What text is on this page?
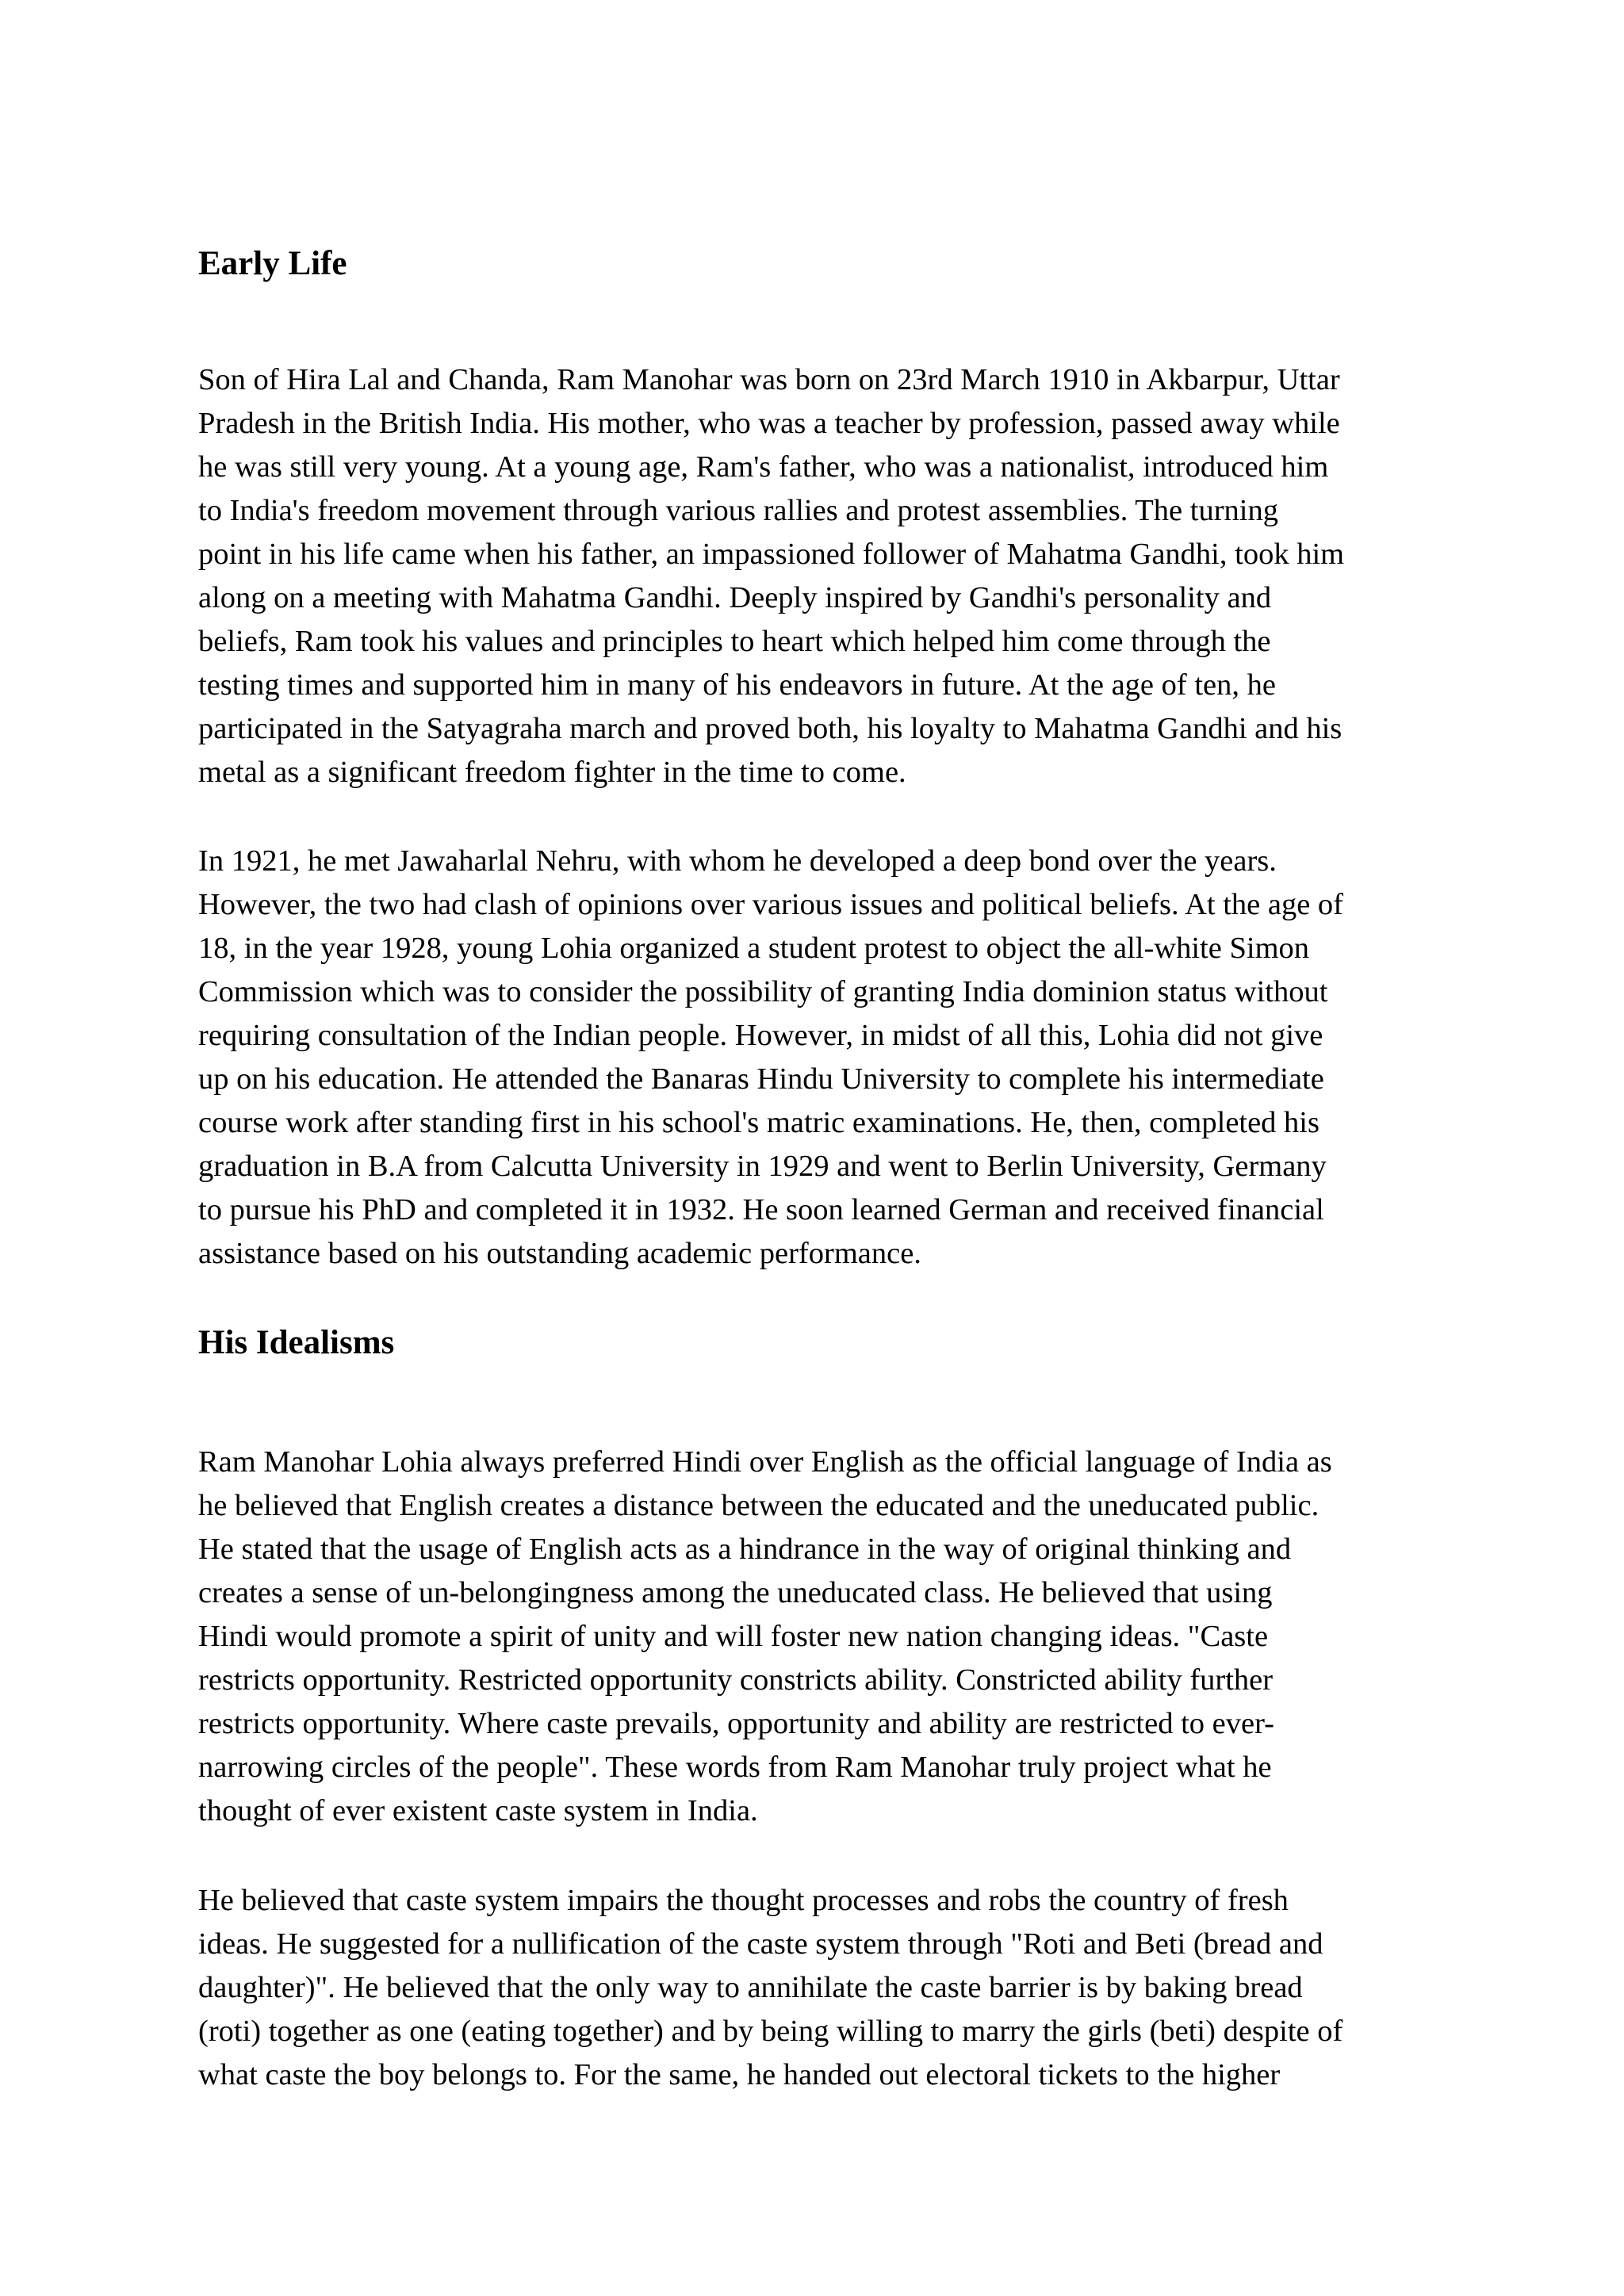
Early Life

Son of Hira Lal and Chanda, Ram Manohar was born on 23rd March 1910 in Akbarpur, Uttar
Pradesh in the British India. His mother, who was a teacher by profession, passed away while
he was still very young. At a young age, Ram's father, who was a nationalist, introduced him
to India's freedom movement through various rallies and protest assemblies. The turning
point in his life came when his father, an impassioned follower of Mahatma Gandhi, took him
along on a meeting with Mahatma Gandhi. Deeply inspired by Gandhi's personality and
beliefs, Ram took his values and principles to heart which helped him come through the
testing times and supported him in many of his endeavors in future. At the age of ten, he
participated in the Satyagraha march and proved both, his loyalty to Mahatma Gandhi and his
metal as a significant freedom fighter in the time to come.

In 1921, he met Jawaharlal Nehru, with whom he developed a deep bond over the years.
However, the two had clash of opinions over various issues and political beliefs. At the age of
18, in the year 1928, young Lohia organized a student protest to object the all-white Simon
Commission which was to consider the possibility of granting India dominion status without
requiring consultation of the Indian people. However, in midst of all this, Lohia did not give
up on his education. He attended the Banaras Hindu University to complete his intermediate
course work after standing first in his school's matric examinations. He, then, completed his
graduation in B.A from Calcutta University in 1929 and went to Berlin University, Germany
to pursue his PhD and completed it in 1932. He soon learned German and received financial
assistance based on his outstanding academic performance.

His Idealisms

Ram Manohar Lohia always preferred Hindi over English as the official language of India as
he believed that English creates a distance between the educated and the uneducated public.
He stated that the usage of English acts as a hindrance in the way of original thinking and
creates a sense of un-belongingness among the uneducated class. He believed that using
Hindi would promote a spirit of unity and will foster new nation changing ideas. "Caste
restricts opportunity. Restricted opportunity constricts ability. Constricted ability further
restricts opportunity. Where caste prevails, opportunity and ability are restricted to ever-
narrowing circles of the people". These words from Ram Manohar truly project what he
thought of ever existent caste system in India.

He believed that caste system impairs the thought processes and robs the country of fresh
ideas. He suggested for a nullification of the caste system through "Roti and Beti (bread and
daughter)". He believed that the only way to annihilate the caste barrier is by baking bread
(roti) together as one (eating together) and by being willing to marry the girls (beti) despite of
what caste the boy belongs to. For the same, he handed out electoral tickets to the higher
